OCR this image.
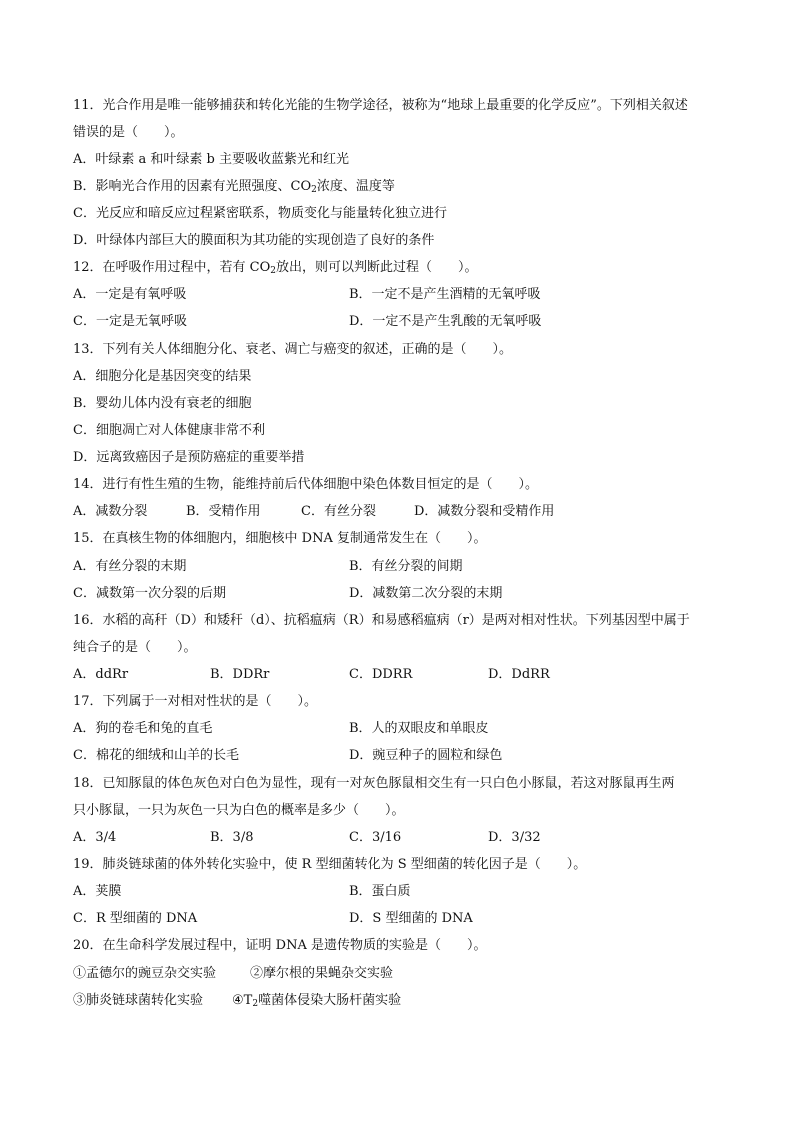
11．光合作用是唯一能够捕获和转化光能的生物学途径，被称为“地球上最重要的化学反应”。下列相关叙述
错误的是（　　）。
A．叶绿素 a 和叶绿素 b 主要吸收蓝紫光和红光
B．影响光合作用的因素有光照强度、$CO_2$浓度、温度等
C．光反应和暗反应过程紧密联系，物质变化与能量转化独立进行
D．叶绿体内部巨大的膜面积为其功能的实现创造了良好的条件
12．在呼吸作用过程中，若有 $CO_2$放出，则可以判断此过程（　　）。
A．一定是有氧呼吸	B．一定不是产生酒精的无氧呼吸
C．一定是无氧呼吸	D．一定不是产生乳酸的无氧呼吸
13．下列有关人体细胞分化、衰老、凋亡与癌变的叙述，正确的是（　　）。
A．细胞分化是基因突变的结果
B．婴幼儿体内没有衰老的细胞
C．细胞凋亡对人体健康非常不利
D．远离致癌因子是预防癌症的重要举措
14．进行有性生殖的生物，能维持前后代体细胞中染色体数目恒定的是（　　）。
A．减数分裂	B．受精作用	C．有丝分裂	D．减数分裂和受精作用
15．在真核生物的体细胞内，细胞核中 DNA 复制通常发生在（　　）。
A．有丝分裂的末期	B．有丝分裂的间期
C．减数第一次分裂的后期	D．减数第二次分裂的末期
16．水稻的高秆（D）和矮秆（d）、抗稻瘟病（R）和易感稻瘟病（r）是两对相对性状。下列基因型中属于
纯合子的是（　　）。
A．ddRr	B．DDRr	C．DDRR	D．DdRR
17．下列属于一对相对性状的是（　　）。
A．狗的卷毛和兔的直毛	B．人的双眼皮和单眼皮
C．棉花的细绒和山羊的长毛	D．豌豆种子的圆粒和绿色
18．已知豚鼠的体色灰色对白色为显性，现有一对灰色豚鼠相交生有一只白色小豚鼠，若这对豚鼠再生两
只小豚鼠，一只为灰色一只为白色的概率是多少（　　）。
A．3/4	B．3/8	C．3/16	D．3/32
19．肺炎链球菌的体外转化实验中，使 R 型细菌转化为 S 型细菌的转化因子是（　　）。
A．荚膜	B．蛋白质
C．R 型细菌的 DNA	D．S 型细菌的 DNA
20．在生命科学发展过程中，证明 DNA 是遗传物质的实验是（　　）。
①孟德尔的豌豆杂交实验	②摩尔根的果蝇杂交实验
③肺炎链球菌转化实验 $④T_2$噬菌体侵染大肠杆菌实验
